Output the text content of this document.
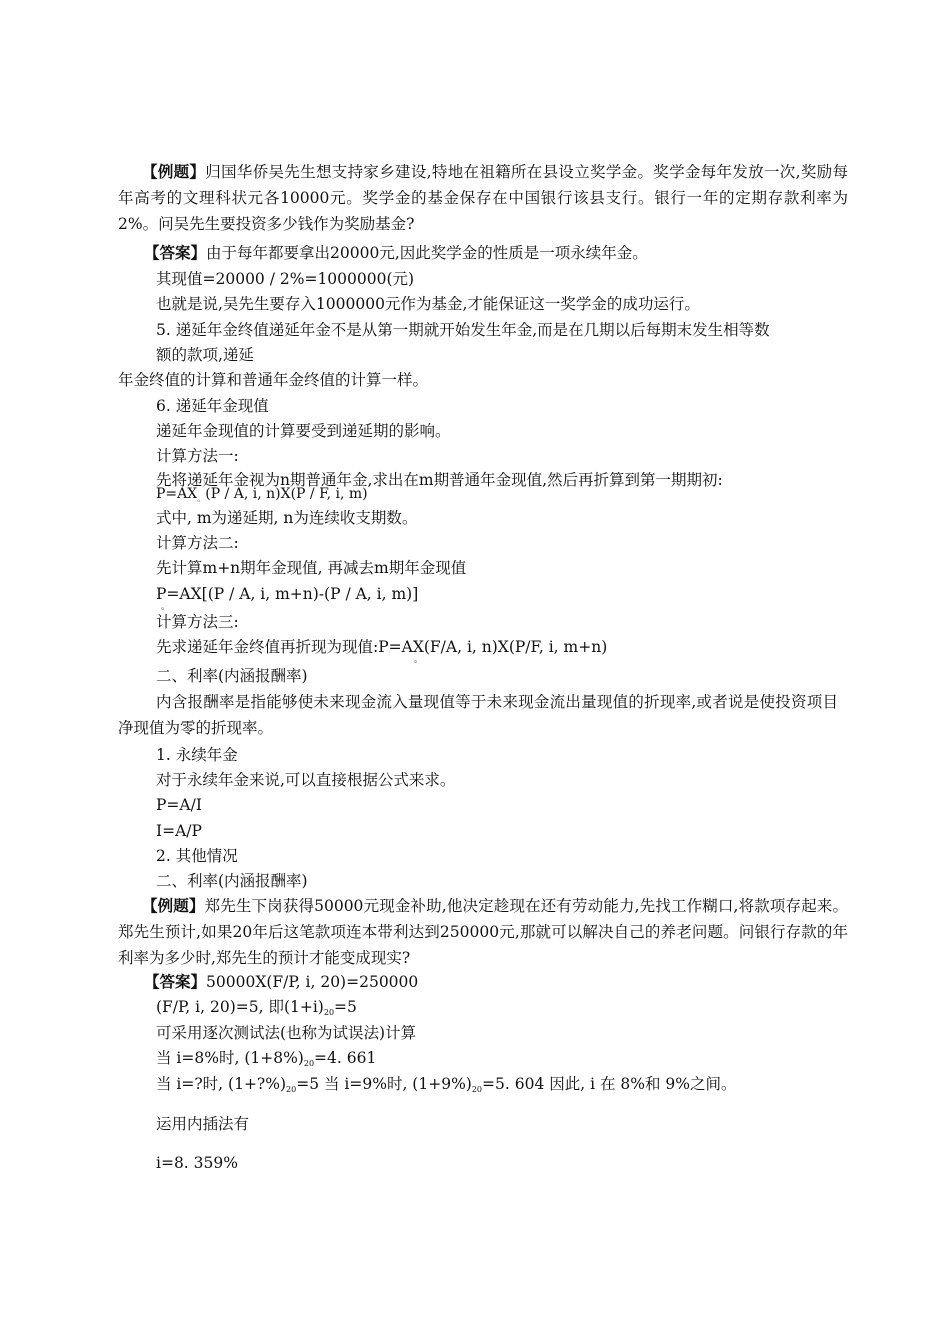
【例题】归国华侨吴先生想支持家乡建设,特地在祖籍所在县设立奖学金。奖学金每年发放一次,奖励每年高考的文理科状元各10000元。奖学金的基金保存在中国银行该县支行。银行一年的定期存款利率为2%。问吴先生要投资多少钱作为奖励基金?

【答案】由于每年都要拿出20000元,因此奖学金的性质是一项永续年金。
其现值=20000 / 2%=1000000(元)
也就是说,吴先生要存入1000000元作为基金,才能保证这一奖学金的成功运行。
5. 递延年金终值递延年金不是从第一期就开始发生年金,而是在几期以后每期末发生相等数
额的款项,递延
年金终值的计算和普通年金终值的计算一样。
6. 递延年金现值
递延年金现值的计算要受到递延期的影响。
计算方法一:
先将递延年金视为n期普通年金,求出在m期普通年金现值,然后再折算到第一期期初:
$P=AX_。(P / A$, i, n)X(P / F, i, m)
式中, m为递延期, n为连续收支期数。
计算方法二:
先计算m+n期年金现值, 再减去m期年金现值
P=AX[(P / A, i, m+n)-(P / A, i, m)]
。
计算方法三:
先求递延年金终值再折现为现值:P=AX(F/A, i, n)X(P/F, i, m+n)
。
二、利率(内涵报酬率)

内含报酬率是指能够使未来现金流入量现值等于未来现金流出量现值的折现率,或者说是使投资项目净现值为零的折现率。

1. 永续年金
对于永续年金来说,可以直接根据公式来求。
P=A/I
I=A/P
2. 其他情况
二、利率(内涵报酬率)

【例题】郑先生下岗获得50000元现金补助,他决定趁现在还有劳动能力,先找工作糊口,将款项存起来。郑先生预计,如果20年后这笔款项连本带利达到250000元,那就可以解决自己的养老问题。问银行存款的年利率为多少时,郑先生的预计才能变成现实?

【答案】50000X(F/P, i, 20)=250000
(F/P, i, 20)=5, 即$(1+i)_{20}=5$
可采用逐次测试法(也称为试误法)计算
当 i=8%时, $(1+8\%)_{20}=4$. 661
当 i=?时, $(1+?\%)_{20}=5$ 当 i=9%时, $(1+9\%)_{20}=5$. 604 因此, i 在 8%和 9%之间。
运用内插法有
i=8. 359%
